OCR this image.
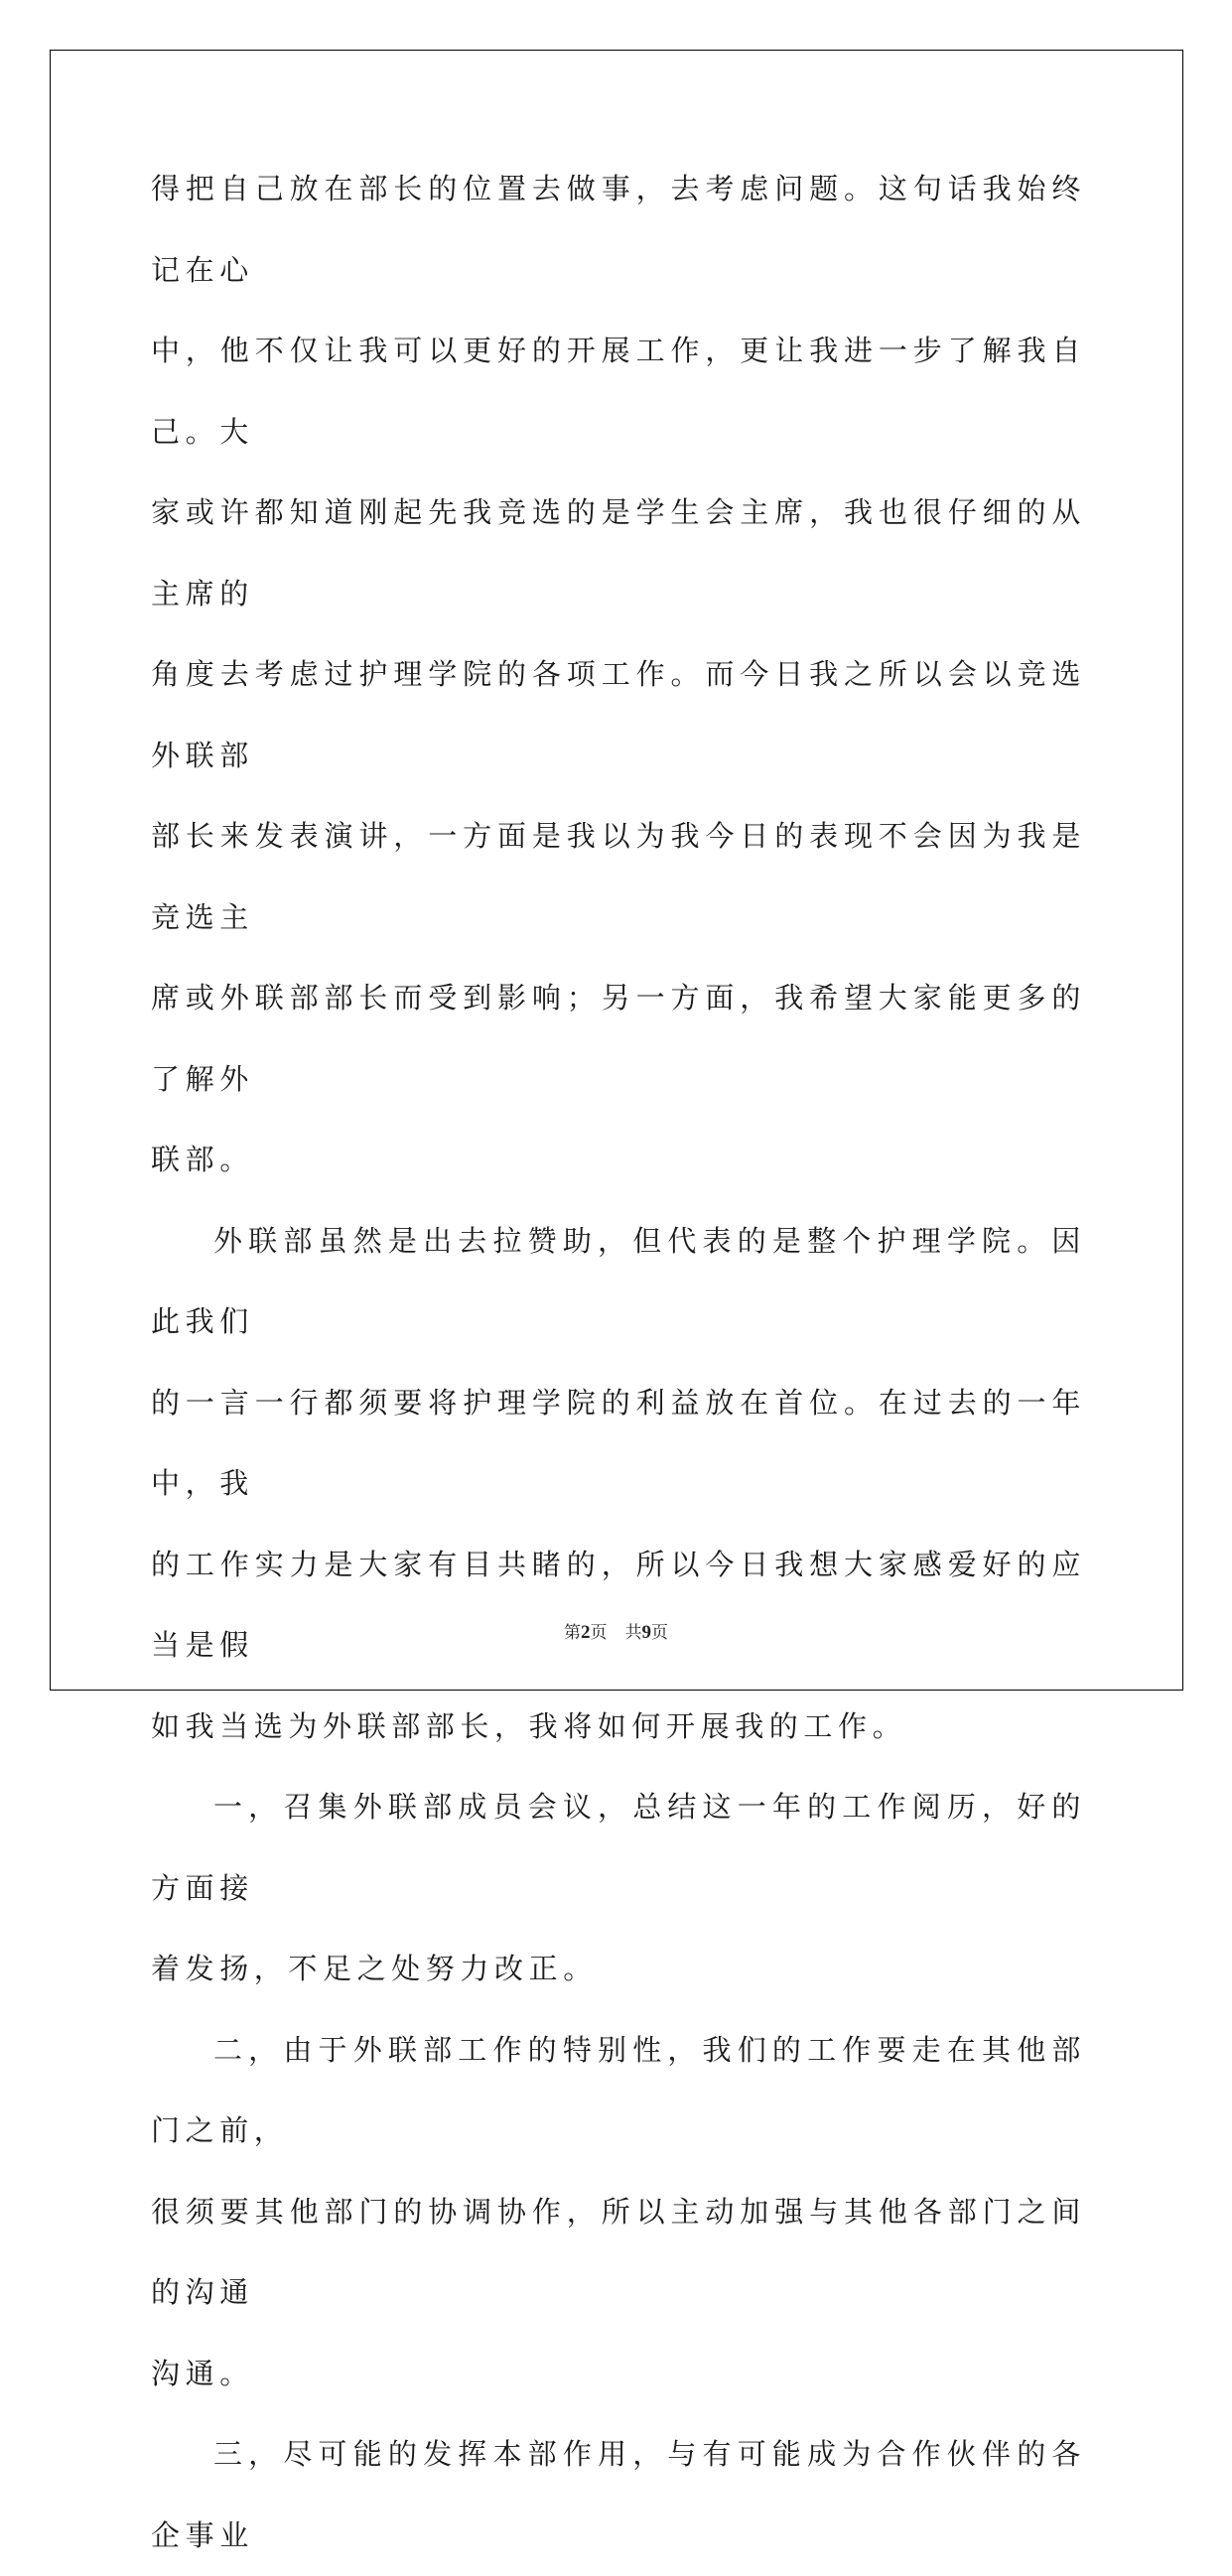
得把自己放在部长的位置去做事，去考虑问题。这句话我始终记在心
中，他不仅让我可以更好的开展工作，更让我进一步了解我自己。大
家或许都知道刚起先我竞选的是学生会主席，我也很仔细的从主席的
角度去考虑过护理学院的各项工作。而今日我之所以会以竞选外联部
部长来发表演讲，一方面是我以为我今日的表现不会因为我是竞选主
席或外联部部长而受到影响；另一方面，我希望大家能更多的了解外
联部。

外联部虽然是出去拉赞助，但代表的是整个护理学院。因此我们
的一言一行都须要将护理学院的利益放在首位。在过去的一年中，我
的工作实力是大家有目共睹的，所以今日我想大家感爱好的应当是假
如我当选为外联部部长，我将如何开展我的工作。

一，召集外联部成员会议，总结这一年的工作阅历，好的方面接
着发扬，不足之处努力改正。

二，由于外联部工作的特别性，我们的工作要走在其他部门之前，
很须要其他部门的协调协作，所以主动加强与其他各部门之间的沟通
沟通。

三，尽可能的发挥本部作用，与有可能成为合作伙伴的各企事业

第2页 共9页
